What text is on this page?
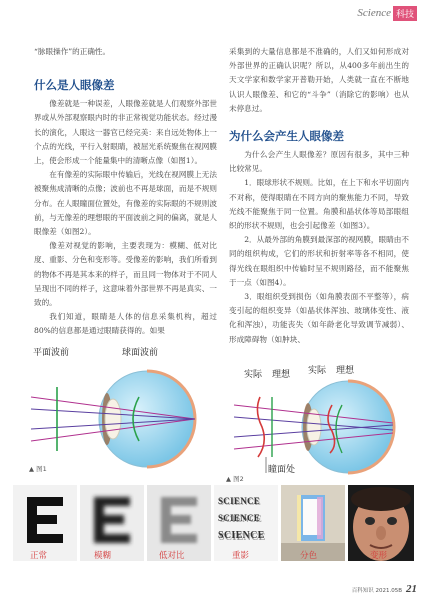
Science 科技

“脉眼操作”的正确性。

什么是人眼像差

像差就是一种误差，人眼像差就是人们观察外部世界或从外部观察眼内时的非正常视觉功能状态。经过漫长的演化，人眼这一器官已经完美：来自远处物体上一个点的光线，平行入射眼睛，被屈光系统聚焦在视网膜上，使会形成一个能量集中的清晰点像（如图1）。

在有像差的实际眼中传输后，光线在视网膜上无法被聚焦成清晰的点像；波前也不再是球面，而是不规则分布。在人眼瞳面位置处，有像差的实际眼的不规则波前，与无像差的理想眼的平面波前之间的偏离，就是人眼像差（如图2）。

像差对视觉的影响，主要表现为：模糊、低对比度、重影、分色和变形等。受像差的影响，我们所看到的物体不再是其本来的样子，而且同一物体对于不同人呈现出不同的样子，这意味着外部世界不再是真实、一致的。

我们知道，眼睛是人体的信息采集机构，超过80%的信息都是通过眼睛获得的。如果

采集到的大量信息都是不准确的，人们又如何形成对外部世界的正确认识呢？所以，从400多年前出生的天文学家和数学家开普勒开始，人类就一直在不断地认识人眼像差、和它的“斗争”（消除它的影响）也从未停息过。

为什么会产生人眼像差

为什么会产生人眼像差？原因有很多，其中三种比较常见。

1．眼球形状不规则。比如，在上下和水平切面内不对称，使得眼睛在不同方向的聚焦能力不同，导致光线不能聚焦于同一位置。角膜和晶状体等局部眼组织的形状不规则，也会引起像差（如图3）。

2．从最外部的角膜到最深部的视网膜，眼睛由不同的组织构成，它们的形状和折射率等各不相同，使得光线在眼组织中传输时呈不规则路径，而不能聚焦于一点（如图4）。

3．眼组织受到损伤（如角膜表面不平整等），病变引起的组织变异（如晶状体浑浊、玻璃体变性、液化和浑浊），功能丧失（如年龄老化导致调节减弱）、形成障碍物（如肿块、

平面波前	球面波前
▲ 图1
实际 理想 实际 理想
瞳面处
▲ 图2
SCIENCE
SCIENCE
SCIENCE
正常	模糊	低对比	重影	分色	变形
百科知识 2021.05B 21
